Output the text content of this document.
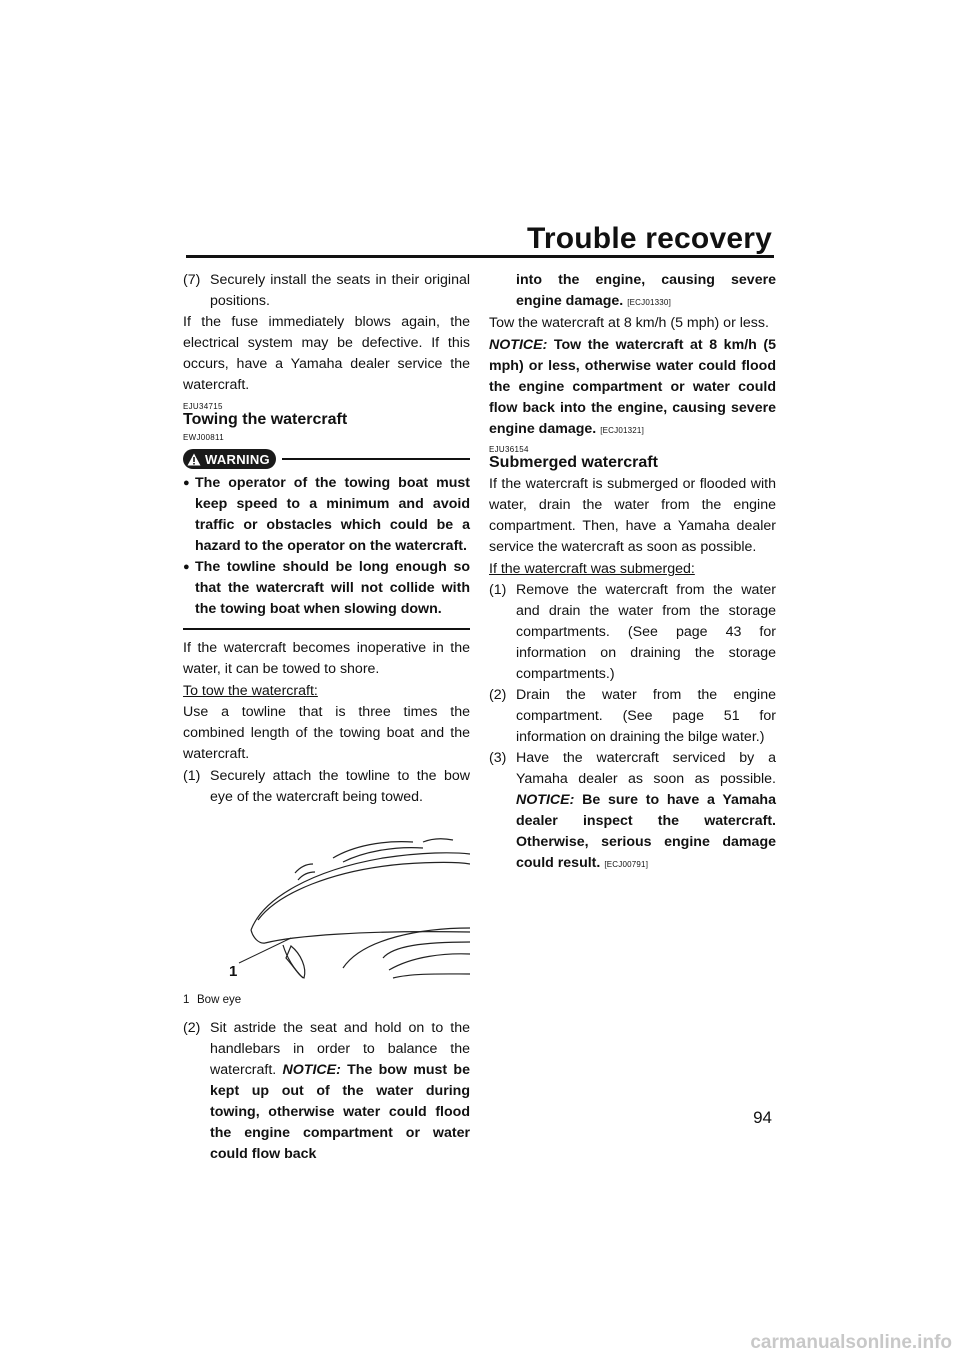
Trouble recovery
(7) Securely install the seats in their original positions.

If the fuse immediately blows again, the electrical system may be defective. If this occurs, have a Yamaha dealer service the watercraft.

EJU34715
Towing the watercraft
EWJ00811
WARNING
● The operator of the towing boat must keep speed to a minimum and avoid traffic or obstacles which could be a hazard to the operator on the watercraft.
● The towline should be long enough so that the watercraft will not collide with the towing boat when slowing down.

If the watercraft becomes inoperative in the water, it can be towed to shore.

To tow the watercraft:

Use a towline that is three times the combined length of the towing boat and the watercraft.

(1) Securely attach the towline to the bow eye of the watercraft being towed.
1
1 Bow eye
(2) Sit astride the seat and hold on to the handlebars in order to balance the watercraft. NOTICE: The bow must be kept up out of the water during towing, otherwise water could flood the engine compartment or water could flow back
into the engine, causing severe engine damage. [ECJ01330]

Tow the watercraft at 8 km/h (5 mph) or less.

NOTICE: Tow the watercraft at 8 km/h (5 mph) or less, otherwise water could flood the engine compartment or water could flow back into the engine, causing severe engine damage. [ECJ01321]

EJU36154
Submerged watercraft

If the watercraft is submerged or flooded with water, drain the water from the engine compartment. Then, have a Yamaha dealer service the watercraft as soon as possible.

If the watercraft was submerged:
(1) Remove the watercraft from the water and drain the water from the storage compartments. (See page 43 for information on draining the storage compartments.)
(2) Drain the water from the engine compartment. (See page 51 for information on draining the bilge water.)
(3) Have the watercraft serviced by a Yamaha dealer as soon as possible. NOTICE: Be sure to have a Yamaha dealer inspect the watercraft. Otherwise, serious engine damage could result. [ECJ00791]
94
carmanualsonline.info
